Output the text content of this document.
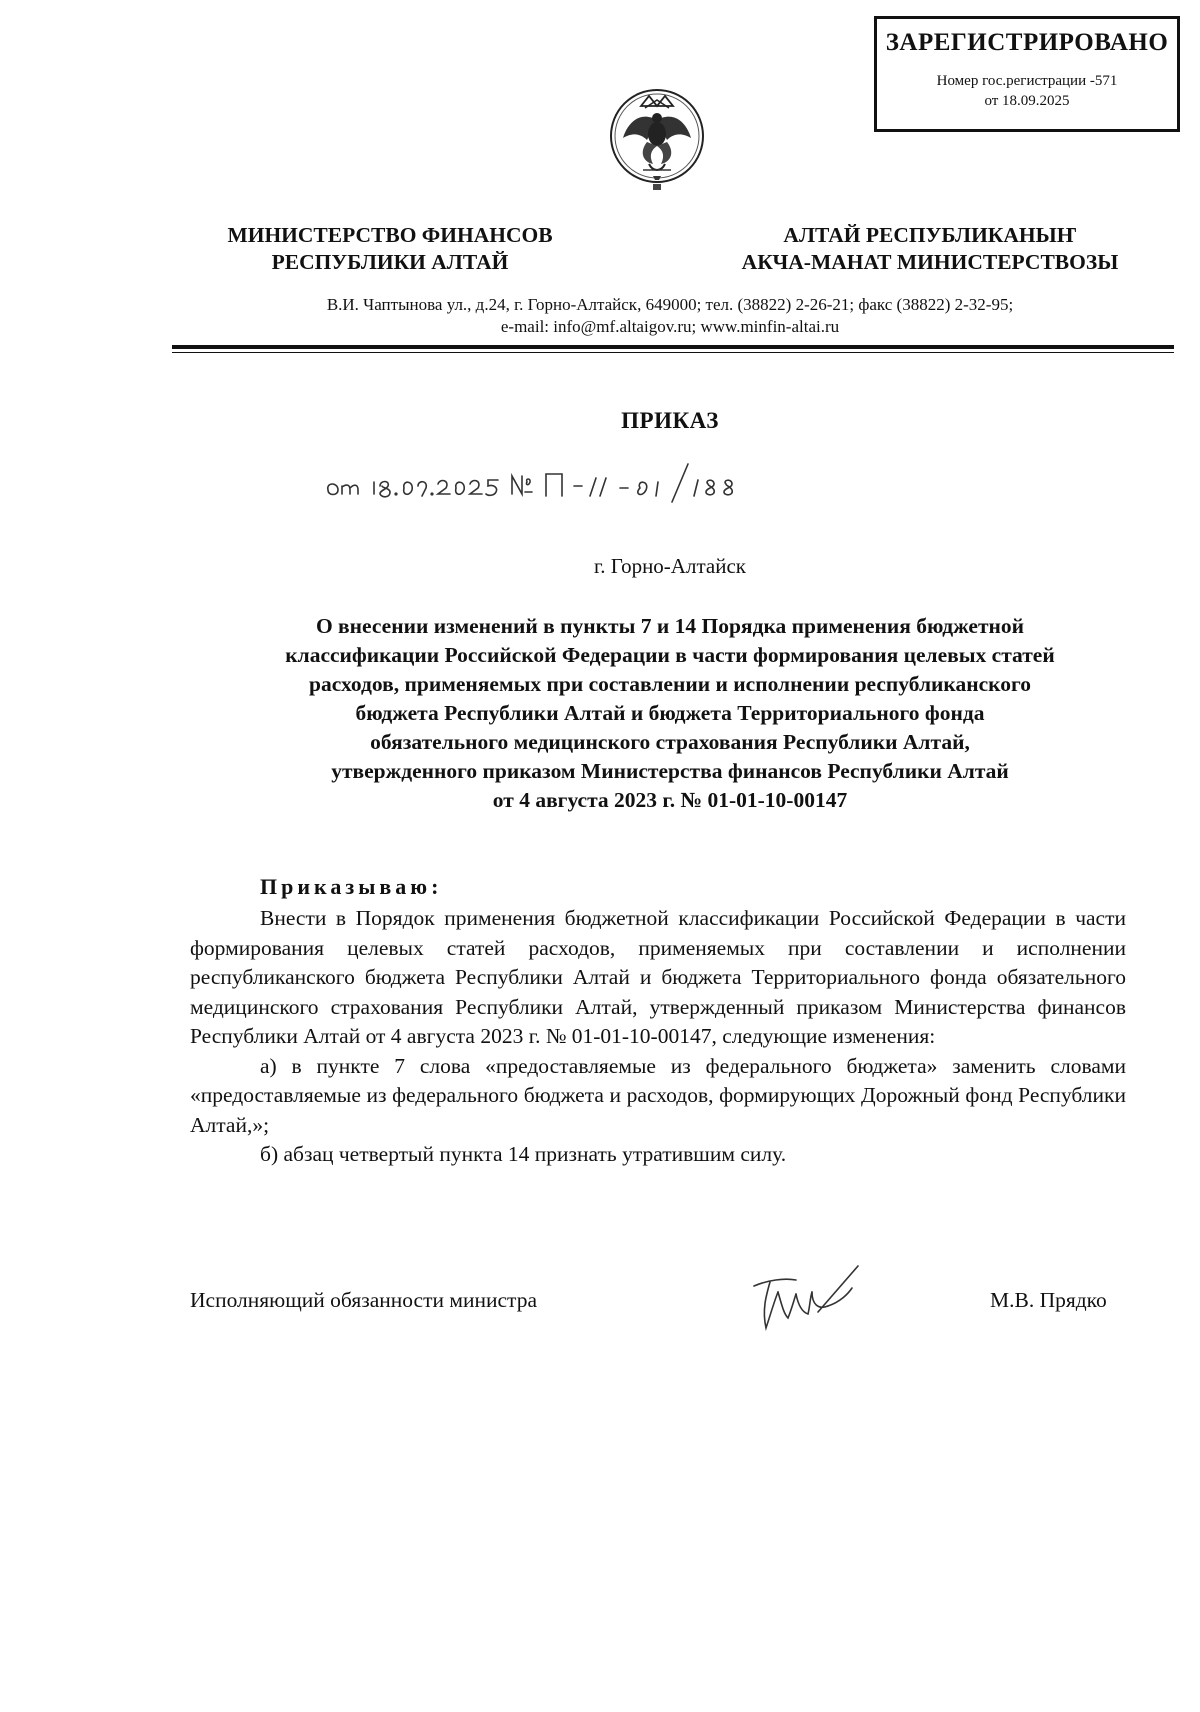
ЗАРЕГИСТРИРОВАНО
Номер гос.регистрации -571
от 18.09.2025
МИНИСТЕРСТВО ФИНАНСОВ
РЕСПУБЛИКИ АЛТАЙ
АЛТАЙ РЕСПУБЛИКАНЫҤ
АКЧА-МАНАТ МИНИСТЕРСТВОЗЫ
В.И. Чаптынова ул., д.24, г. Горно-Алтайск, 649000; тел. (38822) 2-26-21; факс (38822) 2-32-95;
e-mail: info@mf.altaigov.ru; www.minfin-altai.ru
ПРИКАЗ
г. Горно-Алтайск
О внесении изменений в пункты 7 и 14 Порядка применения бюджетной
классификации Российской Федерации в части формирования целевых статей
расходов, применяемых при составлении и исполнении республиканского
бюджета Республики Алтай и бюджета Территориального фонда
обязательного медицинского страхования Республики Алтай,
утвержденного приказом Министерства финансов Республики Алтай
от 4 августа 2023 г. № 01-01-10-00147
Приказываю:

Внести в Порядок применения бюджетной классификации Российской Федерации в части формирования целевых статей расходов, применяемых при составлении и исполнении республиканского бюджета Республики Алтай и бюджета Территориального фонда обязательного медицинского страхования Республики Алтай, утвержденный приказом Министерства финансов Республики Алтай от 4 августа 2023 г. № 01-01-10-00147, следующие изменения:

а) в пункте 7 слова «предоставляемые из федерального бюджета» заменить словами «предоставляемые из федерального бюджета и расходов, формирующих Дорожный фонд Республики Алтай,»;

б) абзац четвертый пункта 14 признать утратившим силу.

Исполняющий обязанности министра	М.В. Прядко
